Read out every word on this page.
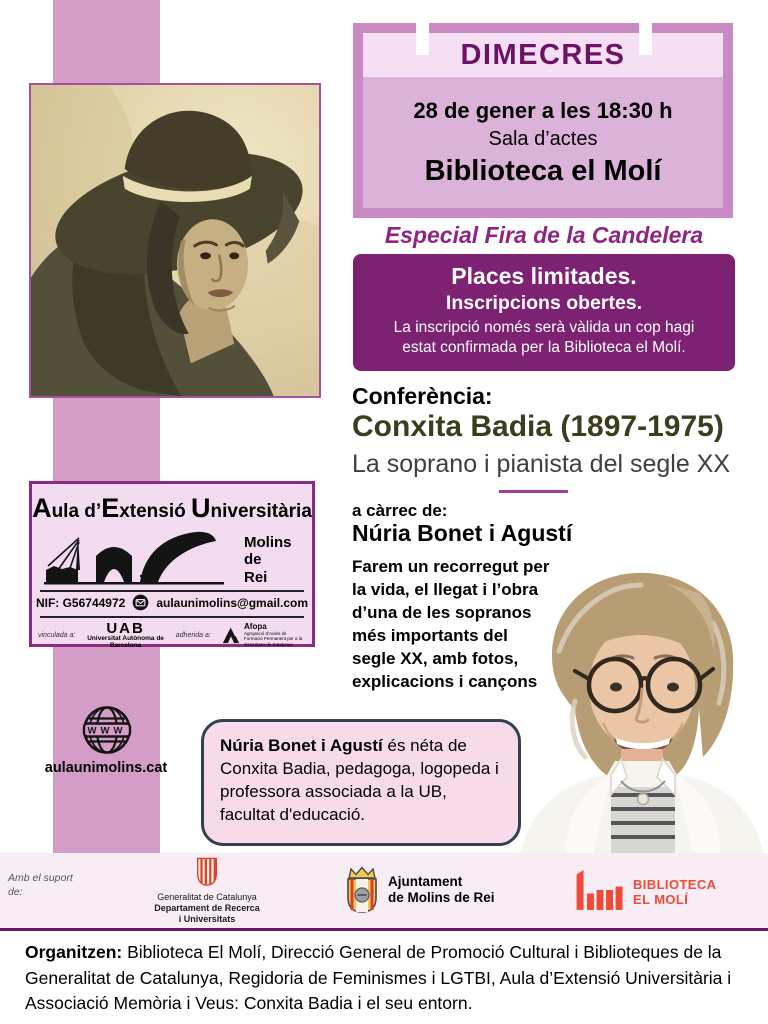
DIMECRES
28 de gener a les 18:30 h
Sala d’actes
Biblioteca el Molí
Especial Fira de la Candelera
Places limitades.
Inscripcions obertes.
La inscripció només serà vàlida un cop hagi estat confirmada per la Biblioteca el Molí.
Conferència:
Conxita Badia (1897-1975)
La soprano i pianista del segle XX
a càrrec de:
Núria Bonet i Agustí
Farem un recorregut per la vida, el llegat i l’obra d’una de les sopranos més importants del segle XX, amb fotos, explicacions i cançons
Aula d’Extensió Universitària
Molins
de
Rei
NIF: G56744972	aulaunimolins@gmail.com
vinculada a:	UAB
Universitat Autònoma de Barcelona
adherida a:
Afopa
Agrupació d’Aules de Formació Permanent per a la Gent Gran de Catalunya
WWW
aulaunimolins.cat
Núria Bonet i Agustí és néta de Conxita Badia, pedagoga, logopeda i professora associada a la UB, facultat d'educació.
Amb el suport de:	Generalitat de Catalunya
Departament de Recerca
i Universitats
Ajuntament
de Molins de Rei
BIBLIOTECA
EL MOLÍ
Organitzen: Biblioteca El Molí, Direcció General de Promoció Cultural i Biblioteques de la Generalitat de Catalunya, Regidoria de Feminismes i LGTBI, Aula d’Extensió Universitària i Associació Memòria i Veus: Conxita Badia i el seu entorn.
